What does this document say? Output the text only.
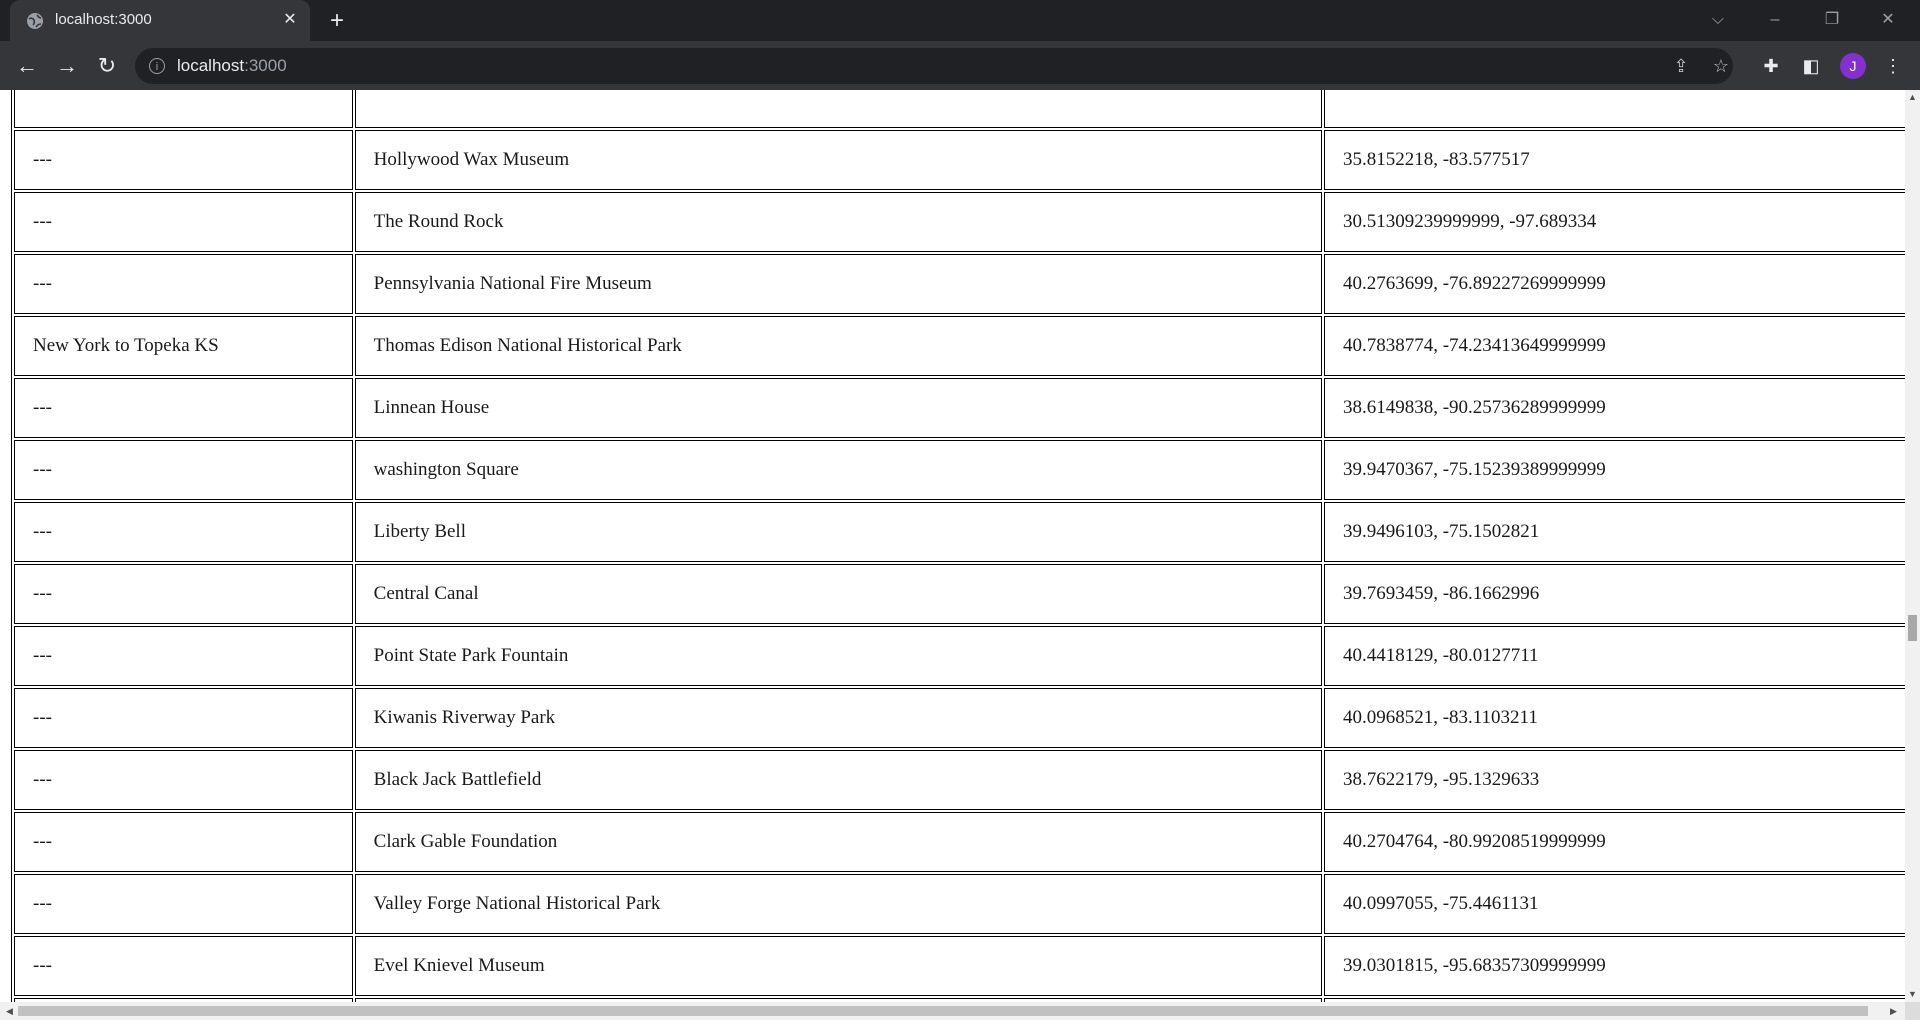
localhost:3000	✕ +	⌵	–	❐	✕
← → ↻	i	localhost:3000	⇪ ☆	✚	◧	J	⋮

---	Hollywood Wax Museum	35.8152218, -83.577517
---	The Round Rock	30.51309239999999, -97.689334
---	Pennsylvania National Fire Museum	40.2763699, -76.89227269999999
New York to Topeka KS	Thomas Edison National Historical Park	40.7838774, -74.23413649999999
---	Linnean House	38.6149838, -90.25736289999999
---	washington Square	39.9470367, -75.15239389999999
---	Liberty Bell	39.9496103, -75.1502821
---	Central Canal	39.7693459, -86.1662996
---	Point State Park Fountain	40.4418129, -80.0127711
---	Kiwanis Riverway Park	40.0968521, -83.1103211
---	Black Jack Battlefield	38.7622179, -95.1329633
---	Clark Gable Foundation	40.2704764, -80.99208519999999
---	Valley Forge National Historical Park	40.0997055, -75.4461131
---	Evel Knievel Museum	39.0301815, -95.68357309999999

▲
▼
◀	▶
